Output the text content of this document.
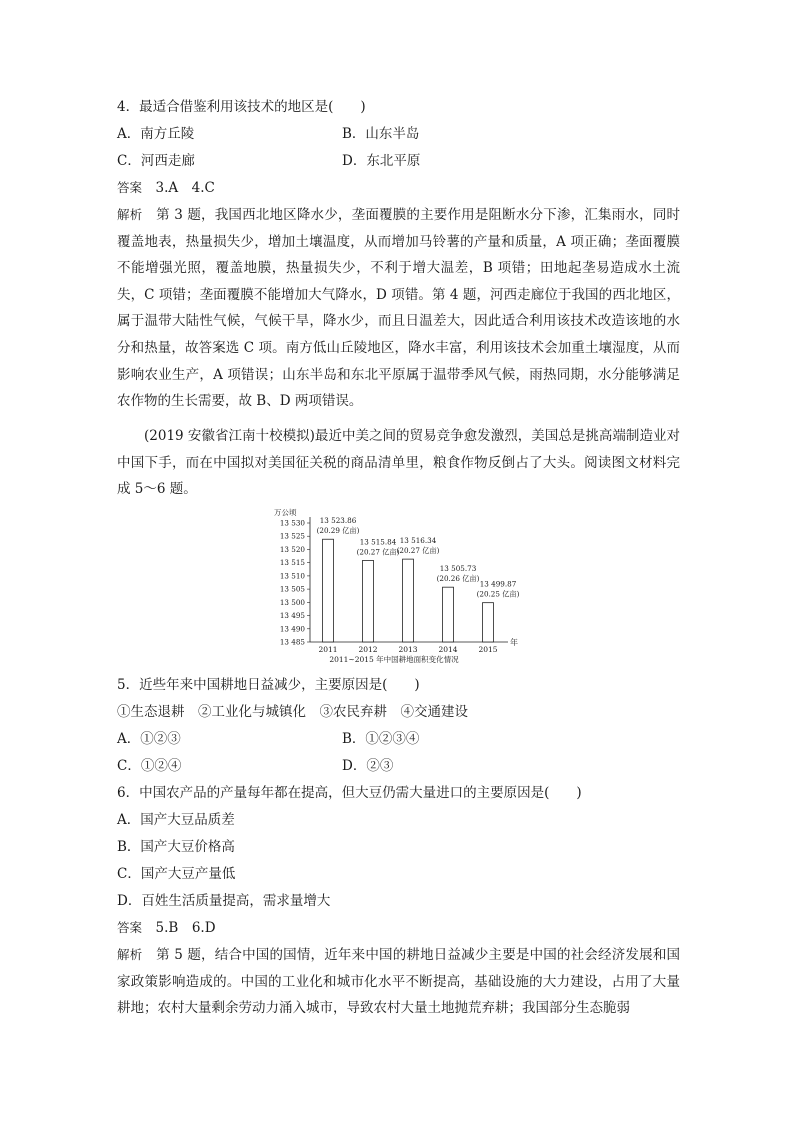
4．最适合借鉴利用该技术的地区是(　　)
A．南方丘陵	B．山东半岛
C．河西走廊	D．东北平原
答案　 3.A　4.C
解析　 第 3 题，我国西北地区降水少，垄面覆膜的主要作用是阻断水分下渗，汇集雨水，同时覆盖地表，热量损失少，增加土壤温度，从而增加马铃薯的产量和质量，A 项正确；垄面覆膜不能增强光照，覆盖地膜，热量损失少，不利于增大温差，B 项错；田地起垄易造成水土流失，C 项错；垄面覆膜不能增加大气降水，D 项错。第 4 题，河西走廊位于我国的西北地区，属于温带大陆性气候，气候干旱，降水少，而且日温差大，因此适合利用该技术改造该地的水分和热量，故答案选 C 项。南方低山丘陵地区，降水丰富，利用该技术会加重土壤湿度，从而影响农业生产，A 项错误；山东半岛和东北平原属于温带季风气候，雨热同期，水分能够满足农作物的生长需要，故 B、D 两项错误。
(2019 安徽省江南十校模拟)最近中美之间的贸易竞争愈发激烈，美国总是挑高端制造业对中国下手，而在中国拟对美国征关税的商品清单里，粮食作物反倒占了大头。阅读图文材料完成 5～6 题。
万公顷
年
13 530
13 525
13 520
13 515
13 510
13 505
13 500
13 495
13 490
13 485
13 523.86
(20.29 亿亩)
13 515.84
(20.27 亿亩)
13 516.34
(20.27 亿亩)
13 505.73
(20.26 亿亩)
13 499.87
(20.25 亿亩)
2011	2012	2013	2014	2015
2011~2015 年中国耕地面积变化情况
5．近些年来中国耕地日益减少，主要原因是(　　)
①生态退耕　②工业化与城镇化　③农民弃耕　④交通建设
A．①②③	B．①②③④
C．①②④	D．②③
6．中国农产品的产量每年都在提高，但大豆仍需大量进口的主要原因是(　　)
A．国产大豆品质差
B．国产大豆价格高
C．国产大豆产量低
D．百姓生活质量提高，需求量增大
答案　 5.B　6.D
解析　 第 5 题，结合中国的国情，近年来中国的耕地日益减少主要是中国的社会经济发展和国家政策影响造成的。中国的工业化和城市化水平不断提高，基础设施的大力建设，占用了大量耕地；农村大量剩余劳动力涌入城市，导致农村大量土地抛荒弃耕；我国部分生态脆弱
